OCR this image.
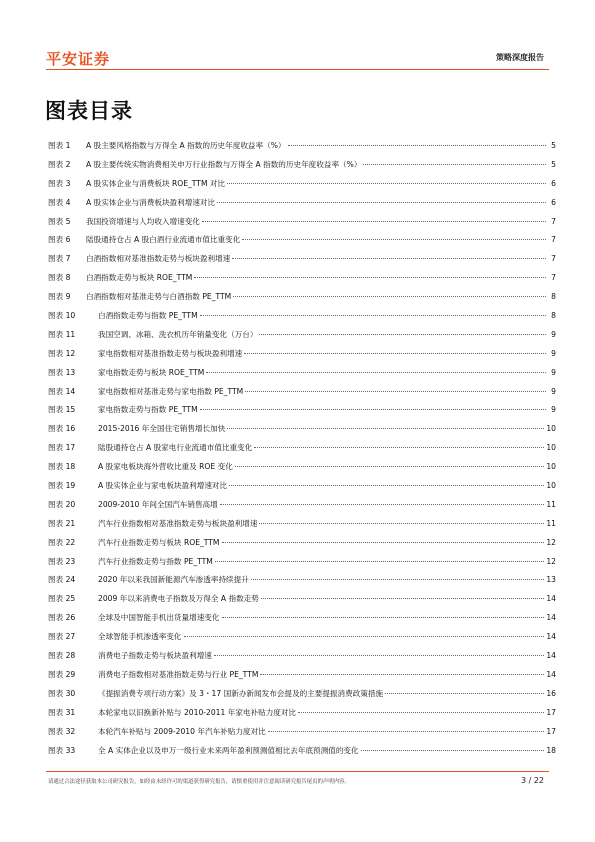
平安证券	策略深度报告
图表目录
图表 1	A 股主要风格指数与万得全 A 指数的历史年度收益率（%）	5
图表 2	A 股主要传统实物消费相关申万行业指数与万得全 A 指数的历史年度收益率（%）	5
图表 3	A 股实体企业与消费板块 ROE_TTM 对比	6
图表 4	A 股实体企业与消费板块盈利增速对比	6
图表 5	我国投资增速与人均收入增速变化	7
图表 6	陆股通持仓占 A 股白酒行业流通市值比重变化	7
图表 7	白酒指数相对基准指数走势与板块盈利增速	7
图表 8	白酒指数走势与板块 ROE_TTM	7
图表 9	白酒指数相对基准走势与白酒指数 PE_TTM	8
图表 10	白酒指数走势与指数 PE_TTM	8
图表 11	我国空调、冰箱、洗衣机历年销量变化（万台）	9
图表 12	家电指数相对基准指数走势与板块盈利增速	9
图表 13	家电指数走势与板块 ROE_TTM	9
图表 14	家电指数相对基准走势与家电指数 PE_TTM	9
图表 15	家电指数走势与指数 PE_TTM	9
图表 16	2015-2016 年全国住宅销售增长加快	10
图表 17	陆股通持仓占 A 股家电行业流通市值比重变化	10
图表 18	A 股家电板块海外营收比重及 ROE 变化	10
图表 19	A 股实体企业与家电板块盈利增速对比	10
图表 20	2009-2010 年间全国汽车销售高增	11
图表 21	汽车行业指数相对基准指数走势与板块盈利增速	11
图表 22	汽车行业指数走势与板块 ROE_TTM	12
图表 23	汽车行业指数走势与指数 PE_TTM	12
图表 24	2020 年以来我国新能源汽车渗透率持续提升	13
图表 25	2009 年以来消费电子指数及万得全 A 指数走势	14
图表 26	全球及中国智能手机出货量增速变化	14
图表 27	全球智能手机渗透率变化	14
图表 28	消费电子指数走势与板块盈利增速	14
图表 29	消费电子指数相对基准指数走势与行业 PE_TTM	14
图表 30	《提振消费专项行动方案》及 3・17 国新办新闻发布会提及的主要提振消费政策措施	16
图表 31	本轮家电以旧换新补贴与 2010-2011 年家电补贴力度对比	17
图表 32	本轮汽车补贴与 2009-2010 年汽车补贴力度对比	17
图表 33	全 A 实体企业以及申万一级行业未来两年盈利预测值相比去年底预测值的变化	18
请通过合法途径获取本公司研究报告，如经由未经许可的渠道获得研究报告，请慎重使用并注意阅读研究报告尾页的声明内容。	3 / 22
